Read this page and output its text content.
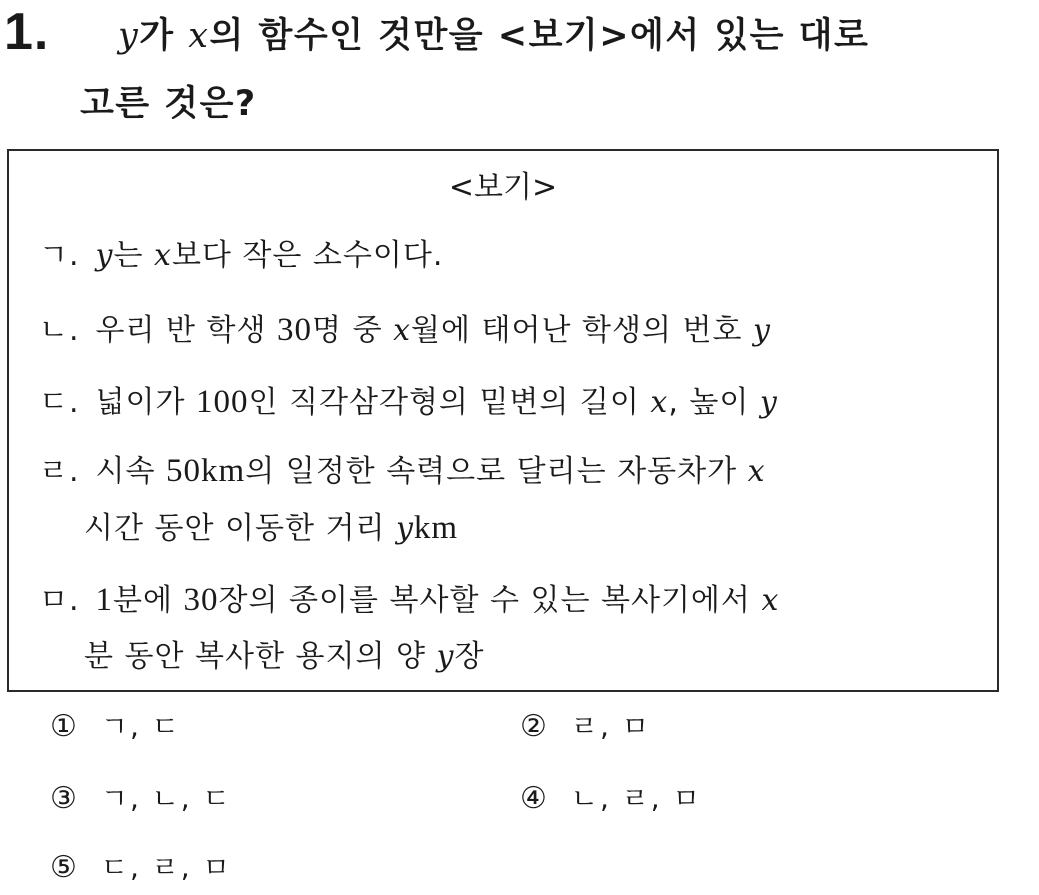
1. y가 x의 함수인 것만을 <보기>에서 있는 대로
고른 것은?
<보기>
ㄱ. y는 x보다 작은 소수이다.
ㄴ. 우리 반 학생 30명 중 x월에 태어난 학생의 번호 y
ㄷ. 넓이가 100인 직각삼각형의 밑변의 길이 x, 높이 y
ㄹ. 시속 50km의 일정한 속력으로 달리는 자동차가 x
시간 동안 이동한 거리 ykm
ㅁ. 1분에 30장의 종이를 복사할 수 있는 복사기에서 x
분 동안 복사한 용지의 양 y장
① ㄱ, ㄷ	② ㄹ, ㅁ
③ ㄱ, ㄴ, ㄷ	④ ㄴ, ㄹ, ㅁ
⑤ ㄷ, ㄹ, ㅁ
